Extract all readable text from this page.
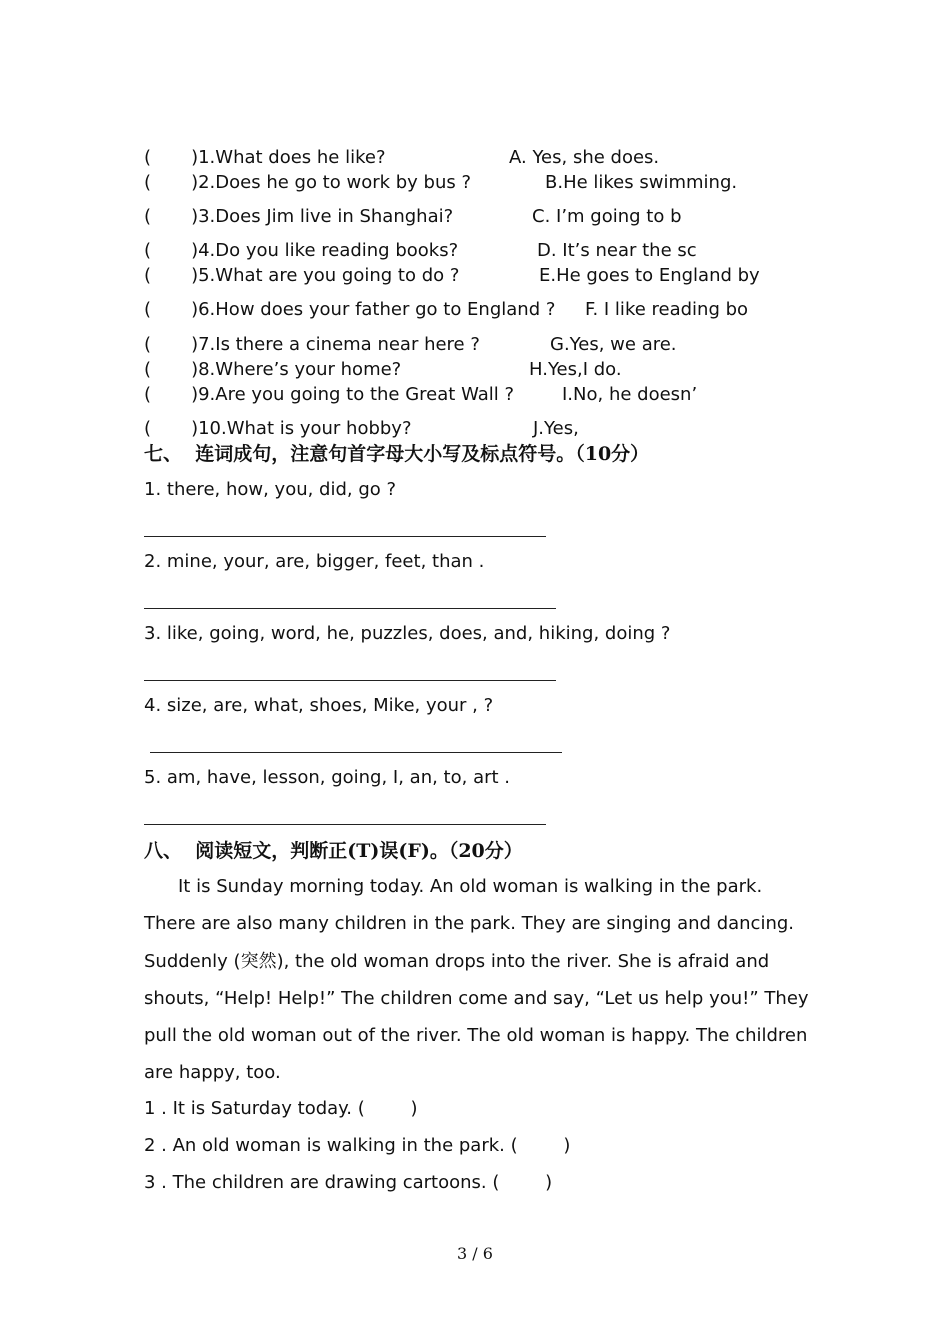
(       )1.What does he like?	A. Yes, she does.
(       )2.Does he go to work by bus ?	B.He likes swimming.
(       )3.Does Jim live in Shanghai?	C. I’m going to b
(       )4.Do you like reading books?	D. It’s near the sc
(       )5.What are you going to do ?	E.He goes to England by
(       )6.How does your father go to England ? F. I like reading bo
(       )7.Is there a cinema near here ?	G.Yes, we are.
(       )8.Where’s your home?	H.Yes,I do.
(       )9.Are you going to the Great Wall ?	I.No, he doesn’
(       )10.What is your hobby?	J.Yes,
七、  连词成句，注意句首字母大小写及标点符号。（10分）
1. there, how, you, did, go ?
2. mine, your, are, bigger, feet, than .
3. like, going, word, he, puzzles, does, and, hiking, doing ?
4. size, are, what, shoes, Mike, your , ?
5. am, have, lesson, going, I, an, to, art .
八、  阅读短文，判断正(T)误(F)。（20分）

It is Sunday morning today. An old woman is walking in the park. There are also many children in the park. They are singing and dancing. Suddenly (突然), the old woman drops into the river. She is afraid and shouts, “Help! Help!” The children come and say, “Let us help you!” They pull the old woman out of the river. The old woman is happy. The children are happy, too.

1 . It is Saturday today. (        )
2 . An old woman is walking in the park. (        )
3 . The children are drawing cartoons. (        )
3 / 6
